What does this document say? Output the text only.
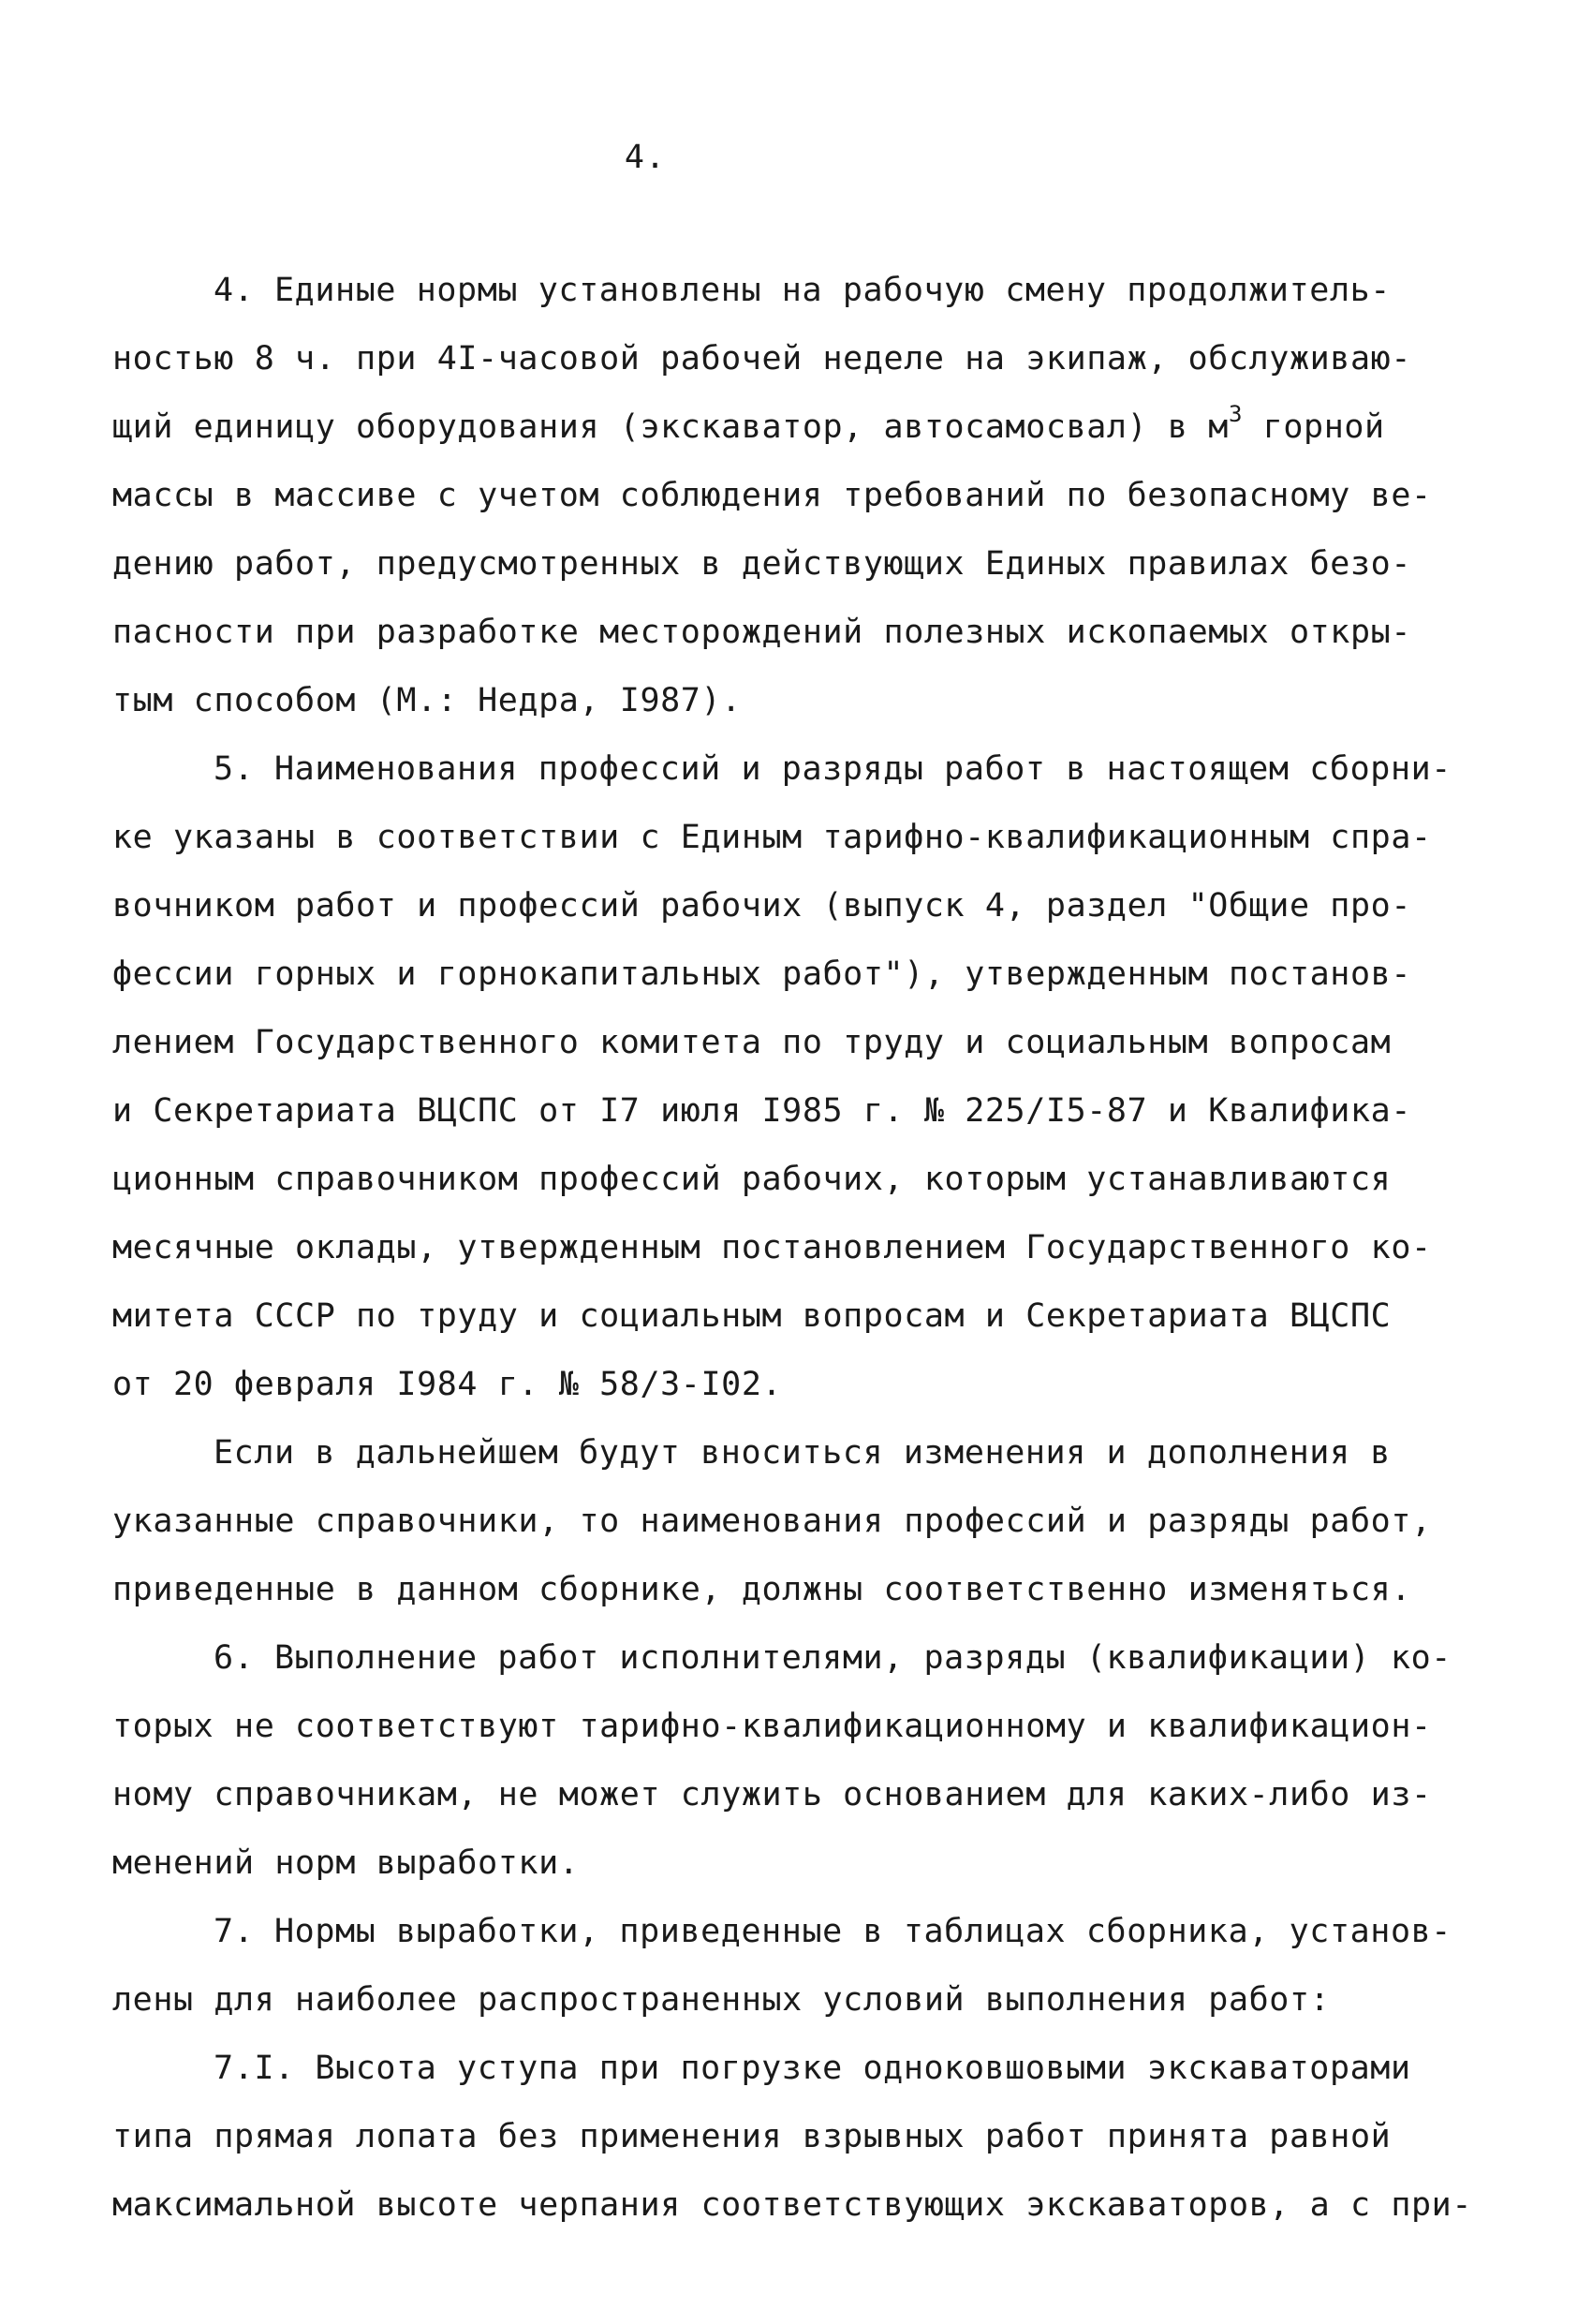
4.
4. Единые нормы установлены на рабочую смену продолжитель-
ностью 8 ч. при 4I-часовой рабочей неделе на экипаж, обслуживаю-
щий единицу оборудования (экскаватор, автосамосвал) в $м^3$ горной
массы в массиве с учетом соблюдения требований по безопасному ве-
дению работ, предусмотренных в действующих Единых правилах безо-
пасности при разработке месторождений полезных ископаемых откры-
тым способом (М.: Недра, I987).
5. Наименования профессий и разряды работ в настоящем сборни-
ке указаны в соответствии с Единым тарифно-квалификационным спра-
вочником работ и профессий рабочих (выпуск 4, раздел "Общие про-
фессии горных и горнокапитальных работ"), утвержденным постанов-
лением Государственного комитета по труду и социальным вопросам
и Секретариата ВЦСПС от I7 июля I985 г. № 225/I5-87 и Квалифика-
ционным справочником профессий рабочих, которым устанавливаются
месячные оклады, утвержденным постановлением Государственного ко-
митета СССР по труду и социальным вопросам и Секретариата ВЦСПС
от 20 февраля I984 г. № 58/3-I02.
Если в дальнейшем будут вноситься изменения и дополнения в
указанные справочники, то наименования профессий и разряды работ,
приведенные в данном сборнике, должны соответственно изменяться.
6. Выполнение работ исполнителями, разряды (квалификации) ко-
торых не соответствуют тарифно-квалификационному и квалификацион-
ному справочникам, не может служить основанием для каких-либо из-
менений норм выработки.
7. Нормы выработки, приведенные в таблицах сборника, установ-
лены для наиболее распространенных условий выполнения работ:
7.I. Высота уступа при погрузке одноковшовыми экскаваторами
типа прямая лопата без применения взрывных работ принята равной
максимальной высоте черпания соответствующих экскаваторов, а с при-
